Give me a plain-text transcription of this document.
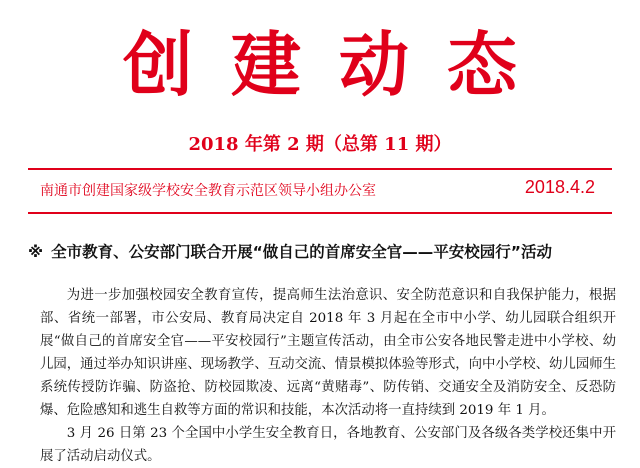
创建动态
2018 年第 2 期（总第 11 期）
南通市创建国家级学校安全教育示范区领导小组办公室	2018.4.2
※ 全市教育、公安部门联合开展“做自己的首席安全官——平安校园行”活动

为进一步加强校园安全教育宣传，提高师生法治意识、安全防范意识和自我保护能力，根据部、省统一部署，市公安局、教育局决定自 2018 年 3 月起在全市中小学、幼儿园联合组织开展“做自己的首席安全官——平安校园行”主题宣传活动，由全市公安各地民警走进中小学校、幼儿园，通过举办知识讲座、现场教学、互动交流、情景模拟体验等形式，向中小学校、幼儿园师生系统传授防诈骗、防盗抢、防校园欺凌、远离“黄赌毒”、防传销、交通安全及消防安全、反恐防爆、危险感知和逃生自救等方面的常识和技能，本次活动将一直持续到 2019 年 1 月。

3 月 26 日第 23 个全国中小学生安全教育日，各地教育、公安部门及各级各类学校还集中开展了活动启动仪式。
